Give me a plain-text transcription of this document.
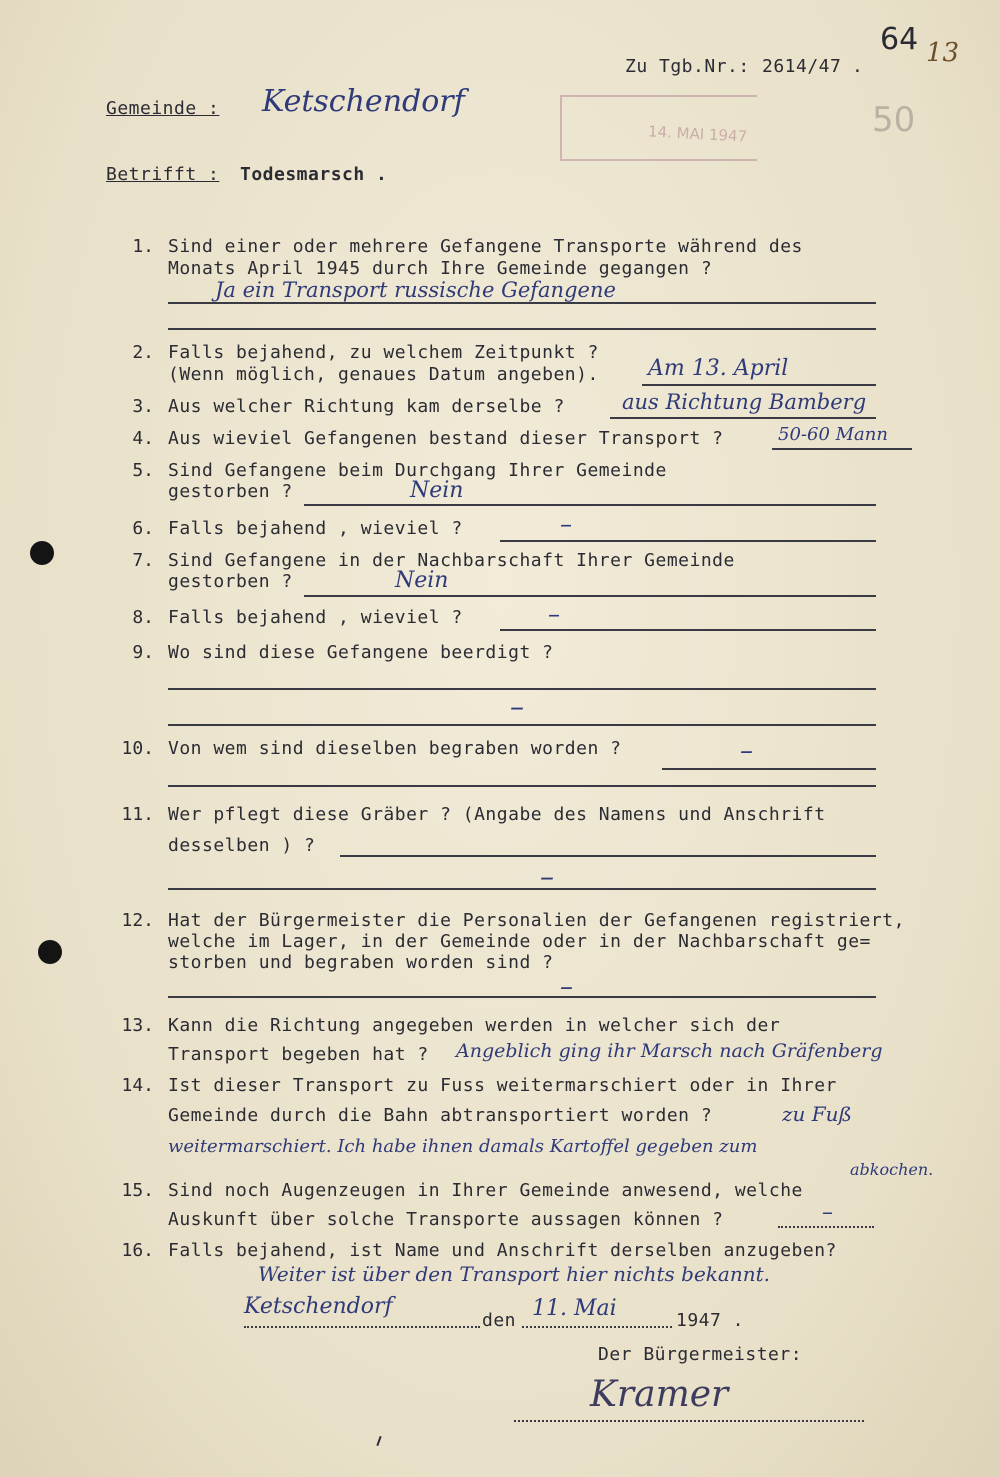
14. MAI 1947
Zu Tgb.Nr.: 2614/47 .
64 13
50
Gemeinde : Ketschendorf
Betrifft : Todesmarsch .
1. Sind einer oder mehrere Gefangene Transporte während des
Monats April 1945 durch Ihre Gemeinde gegangen ?
Ja ein Transport russische Gefangene
2. Falls bejahend, zu welchem Zeitpunkt ?
(Wenn möglich, genaues Datum angeben). Am 13. April
3. Aus welcher Richtung kam derselbe ?	aus Richtung Bamberg
4. Aus wieviel Gefangenen bestand dieser Transport ?	50-60 Mann
5. Sind Gefangene beim Durchgang Ihrer Gemeinde
gestorben ?	Nein
6. Falls bejahend , wieviel ?	–
7. Sind Gefangene in der Nachbarschaft Ihrer Gemeinde
gestorben ?	Nein
8. Falls bejahend , wieviel ?	–
9. Wo sind diese Gefangene beerdigt ?
–
10. Von wem sind dieselben begraben worden ?	–
11. Wer pflegt diese Gräber ? (Angabe des Namens und Anschrift
desselben ) ?
–
12. Hat der Bürgermeister die Personalien der Gefangenen registriert,
welche im Lager, in der Gemeinde oder in der Nachbarschaft ge=
storben und begraben worden sind ?
–
13. Kann die Richtung angegeben werden in welcher sich der
Transport begeben hat ? Angeblich ging ihr Marsch nach Gräfenberg
14. Ist dieser Transport zu Fuss weitermarschiert oder in Ihrer
Gemeinde durch die Bahn abtransportiert worden ?	zu Fuß
weitermarschiert. Ich habe ihnen damals Kartoffel gegeben zum
abkochen.
15. Sind noch Augenzeugen in Ihrer Gemeinde anwesend, welche
Auskunft über solche Transporte aussagen können ?	–
16. Falls bejahend, ist Name und Anschrift derselben anzugeben?
Weiter ist über den Transport hier nichts bekannt.
Ketschendorf
den 11. Mai	1947 .
Der Bürgermeister:
Kramer
